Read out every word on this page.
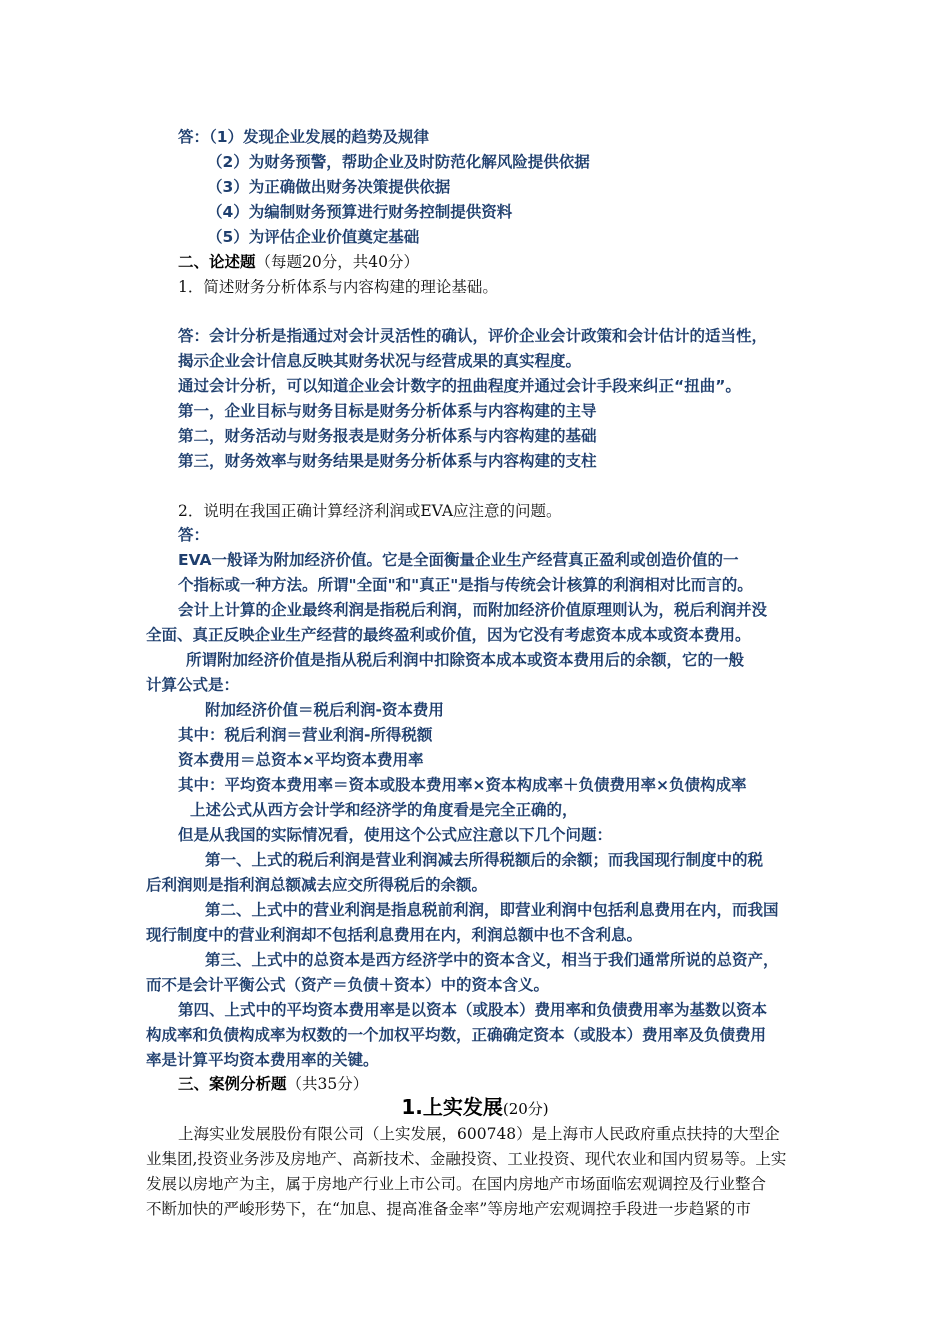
答：（1）发现企业发展的趋势及规律
（2）为财务预警，帮助企业及时防范化解风险提供依据
（3）为正确做出财务决策提供依据
（4）为编制财务预算进行财务控制提供资料
（5）为评估企业价值奠定基础
二、论述题（每题20分，共40分）
1．简述财务分析体系与内容构建的理论基础。
答：会计分析是指通过对会计灵活性的确认，评价企业会计政策和会计估计的适当性，
揭示企业会计信息反映其财务状况与经营成果的真实程度。
通过会计分析，可以知道企业会计数字的扭曲程度并通过会计手段来纠正“扭曲”。
第一，企业目标与财务目标是财务分析体系与内容构建的主导
第二，财务活动与财务报表是财务分析体系与内容构建的基础
第三，财务效率与财务结果是财务分析体系与内容构建的支柱
2．说明在我国正确计算经济利润或EVA应注意的问题。
答：
EVA一般译为附加经济价值。它是全面衡量企业生产经营真正盈利或创造价值的一
个指标或一种方法。所谓"全面"和"真正"是指与传统会计核算的利润相对比而言的。
会计上计算的企业最终利润是指税后利润，而附加经济价值原理则认为，税后利润并没
全面、真正反映企业生产经营的最终盈利或价值，因为它没有考虑资本成本或资本费用。
所谓附加经济价值是指从税后利润中扣除资本成本或资本费用后的余额，它的一般
计算公式是：
附加经济价值＝税后利润-资本费用
其中：税后利润＝营业利润-所得税额
资本费用＝总资本×平均资本费用率
其中：平均资本费用率＝资本或股本费用率×资本构成率＋负债费用率×负债构成率
上述公式从西方会计学和经济学的角度看是完全正确的，
但是从我国的实际情况看，使用这个公式应注意以下几个问题：
第一、上式的税后利润是营业利润减去所得税额后的余额；而我国现行制度中的税
后利润则是指利润总额减去应交所得税后的余额。
第二、上式中的营业利润是指息税前利润，即营业利润中包括利息费用在内，而我国
现行制度中的营业利润却不包括利息费用在内，利润总额中也不含利息。
第三、上式中的总资本是西方经济学中的资本含义，相当于我们通常所说的总资产，
而不是会计平衡公式（资产＝负债＋资本）中的资本含义。
第四、上式中的平均资本费用率是以资本（或股本）费用率和负债费用率为基数以资本
构成率和负债构成率为权数的一个加权平均数，正确确定资本（或股本）费用率及负债费用
率是计算平均资本费用率的关键。
三、案例分析题（共35分）
1.上实发展(20分)
上海实业发展股份有限公司（上实发展，600748）是上海市人民政府重点扶持的大型企
业集团,投资业务涉及房地产、高新技术、金融投资、工业投资、现代农业和国内贸易等。上实
发展以房地产为主，属于房地产行业上市公司。在国内房地产市场面临宏观调控及行业整合
不断加快的严峻形势下，在“加息、提高准备金率”等房地产宏观调控手段进一步趋紧的市
